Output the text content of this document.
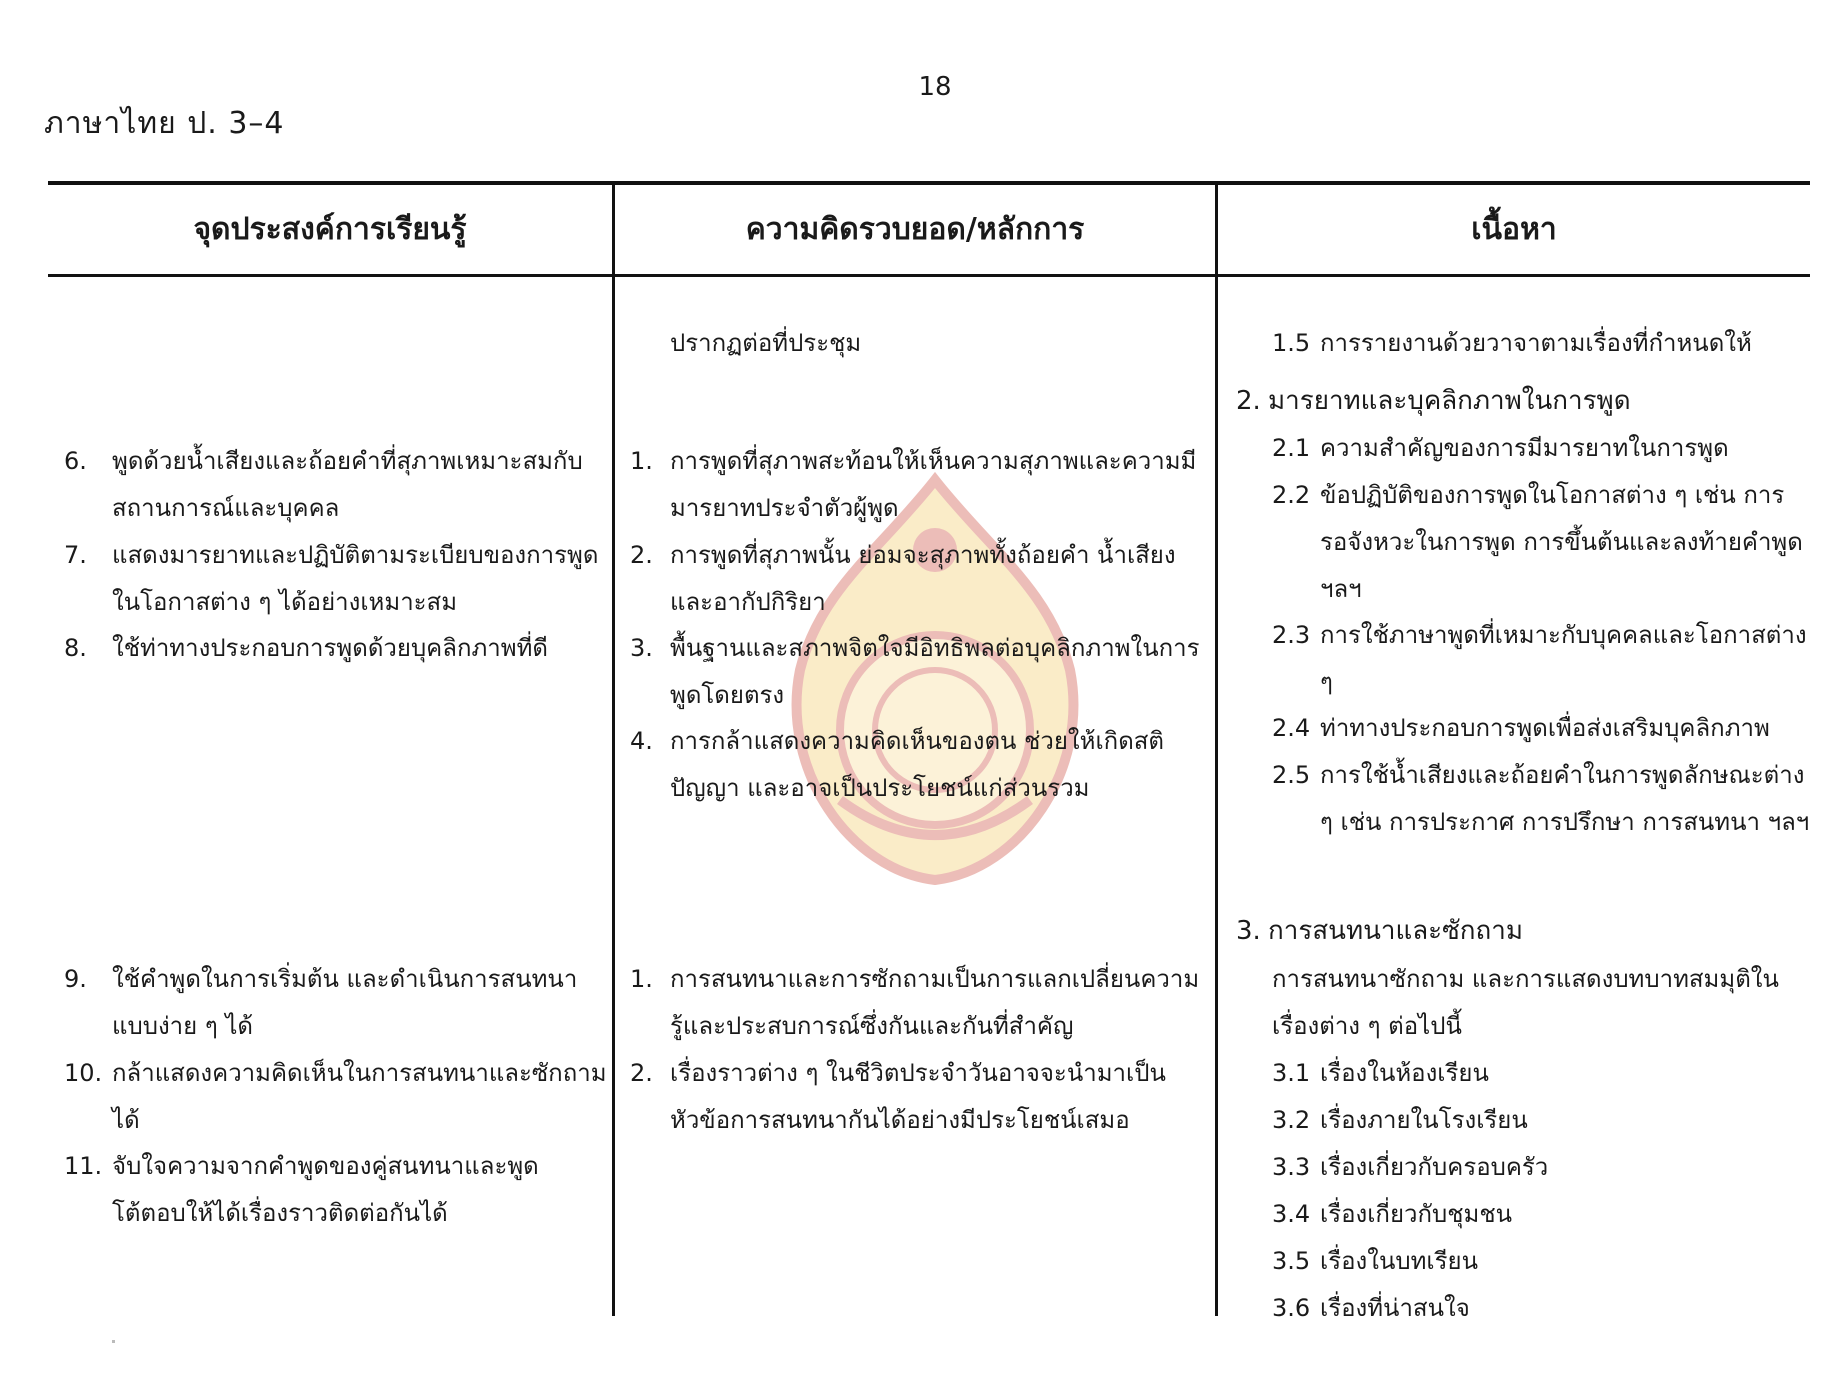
18
ภาษาไทย ป. 3–4
จุดประสงค์การเรียนรู้	ความคิดรวบยอด/หลักการ	เนื้อหา
6. พูดด้วยน้ำเสียงและถ้อยคำที่สุภาพเหมาะสมกับสถานการณ์และบุคคล
7. แสดงมารยาทและปฏิบัติตามระเบียบของการพูดในโอกาสต่าง ๆ ได้อย่างเหมาะสม
8. ใช้ท่าทางประกอบการพูดด้วยบุคลิกภาพที่ดี
9. ใช้คำพูดในการเริ่มต้น และดำเนินการสนทนาแบบง่าย ๆ ได้
10. กล้าแสดงความคิดเห็นในการสนทนาและซักถามได้
11. จับใจความจากคำพูดของคู่สนทนาและพูดโต้ตอบให้ได้เรื่องราวติดต่อกันได้
ปรากฏต่อที่ประชุม
1. การพูดที่สุภาพสะท้อนให้เห็นความสุภาพและความมีมารยาทประจำตัวผู้พูด
2. การพูดที่สุภาพนั้น ย่อมจะสุภาพทั้งถ้อยคำ น้ำเสียง และอากัปกิริยา
3. พื้นฐานและสภาพจิตใจมีอิทธิพลต่อบุคลิกภาพในการพูดโดยตรง
4. การกล้าแสดงความคิดเห็นของตน ช่วยให้เกิดสติปัญญา และอาจเป็นประโยชน์แก่ส่วนรวม
1. การสนทนาและการซักถามเป็นการแลกเปลี่ยนความรู้และประสบการณ์ซึ่งกันและกันที่สำคัญ
2. เรื่องราวต่าง ๆ ในชีวิตประจำวันอาจจะนำมาเป็นหัวข้อการสนทนากันได้อย่างมีประโยชน์เสมอ
1.5 การรายงานด้วยวาจาตามเรื่องที่กำหนดให้
2. มารยาทและบุคลิกภาพในการพูด
2.1 ความสำคัญของการมีมารยาทในการพูด
2.2 ข้อปฏิบัติของการพูดในโอกาสต่าง ๆ เช่น การรอจังหวะในการพูด การขึ้นต้นและลงท้ายคำพูด ฯลฯ
2.3 การใช้ภาษาพูดที่เหมาะกับบุคคลและโอกาสต่าง ๆ
2.4 ท่าทางประกอบการพูดเพื่อส่งเสริมบุคลิกภาพ
2.5 การใช้น้ำเสียงและถ้อยคำในการพูดลักษณะต่าง ๆ เช่น การประกาศ การปรึกษา การสนทนา ฯลฯ
3. การสนทนาและซักถาม
การสนทนาซักถาม และการแสดงบทบาทสมมุติในเรื่องต่าง ๆ ต่อไปนี้
3.1 เรื่องในห้องเรียน
3.2 เรื่องภายในโรงเรียน
3.3 เรื่องเกี่ยวกับครอบครัว
3.4 เรื่องเกี่ยวกับชุมชน
3.5 เรื่องในบทเรียน
3.6 เรื่องที่น่าสนใจ
